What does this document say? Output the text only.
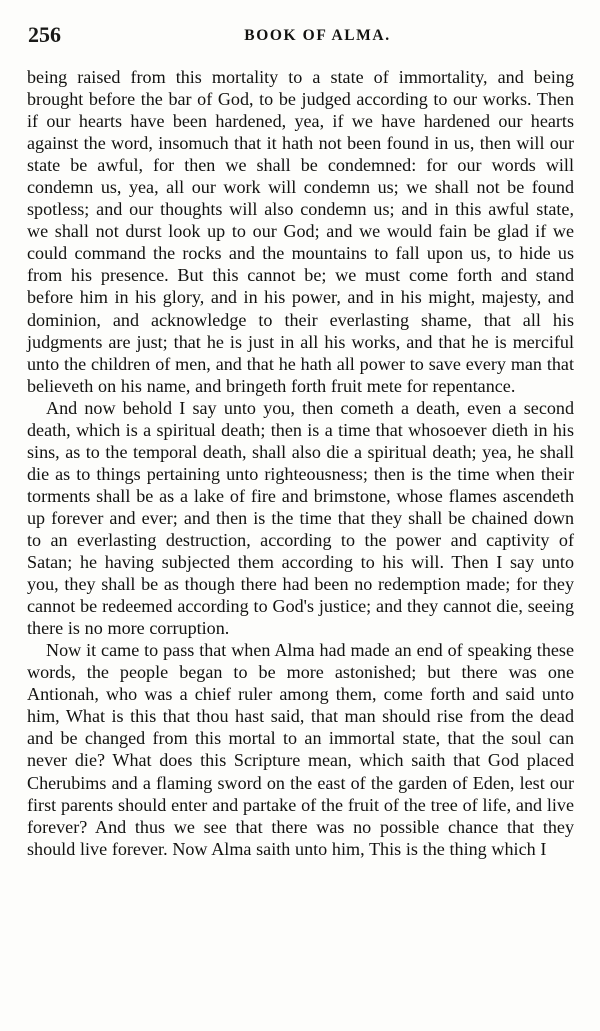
256	BOOK OF ALMA.

being raised from this mortality to a state of immortality, and being brought before the bar of God, to be judged according to our works. Then if our hearts have been hardened, yea, if we have hardened our hearts against the word, insomuch that it hath not been found in us, then will our state be awful, for then we shall be condemned: for our words will condemn us, yea, all our work will condemn us; we shall not be found spotless; and our thoughts will also condemn us; and in this awful state, we shall not durst look up to our God; and we would fain be glad if we could command the rocks and the mountains to fall upon us, to hide us from his presence. But this cannot be; we must come forth and stand before him in his glory, and in his power, and in his might, majesty, and dominion, and acknowledge to their everlasting shame, that all his judgments are just; that he is just in all his works, and that he is merciful unto the children of men, and that he hath all power to save every man that believeth on his name, and bringeth forth fruit mete for repentance.

And now behold I say unto you, then cometh a death, even a second death, which is a spiritual death; then is a time that whosoever dieth in his sins, as to the temporal death, shall also die a spiritual death; yea, he shall die as to things pertaining unto righteousness; then is the time when their torments shall be as a lake of fire and brimstone, whose flames ascendeth up forever and ever; and then is the time that they shall be chained down to an everlasting destruction, according to the power and captivity of Satan; he having subjected them according to his will. Then I say unto you, they shall be as though there had been no redemption made; for they cannot be redeemed according to God's justice; and they cannot die, seeing there is no more corruption.

Now it came to pass that when Alma had made an end of speaking these words, the people began to be more astonished; but there was one Antionah, who was a chief ruler among them, come forth and said unto him, What is this that thou hast said, that man should rise from the dead and be changed from this mortal to an immortal state, that the soul can never die? What does this Scripture mean, which saith that God placed Cherubims and a flaming sword on the east of the garden of Eden, lest our first parents should enter and partake of the fruit of the tree of life, and live forever? And thus we see that there was no possible chance that they should live forever. Now Alma saith unto him, This is the thing which I
